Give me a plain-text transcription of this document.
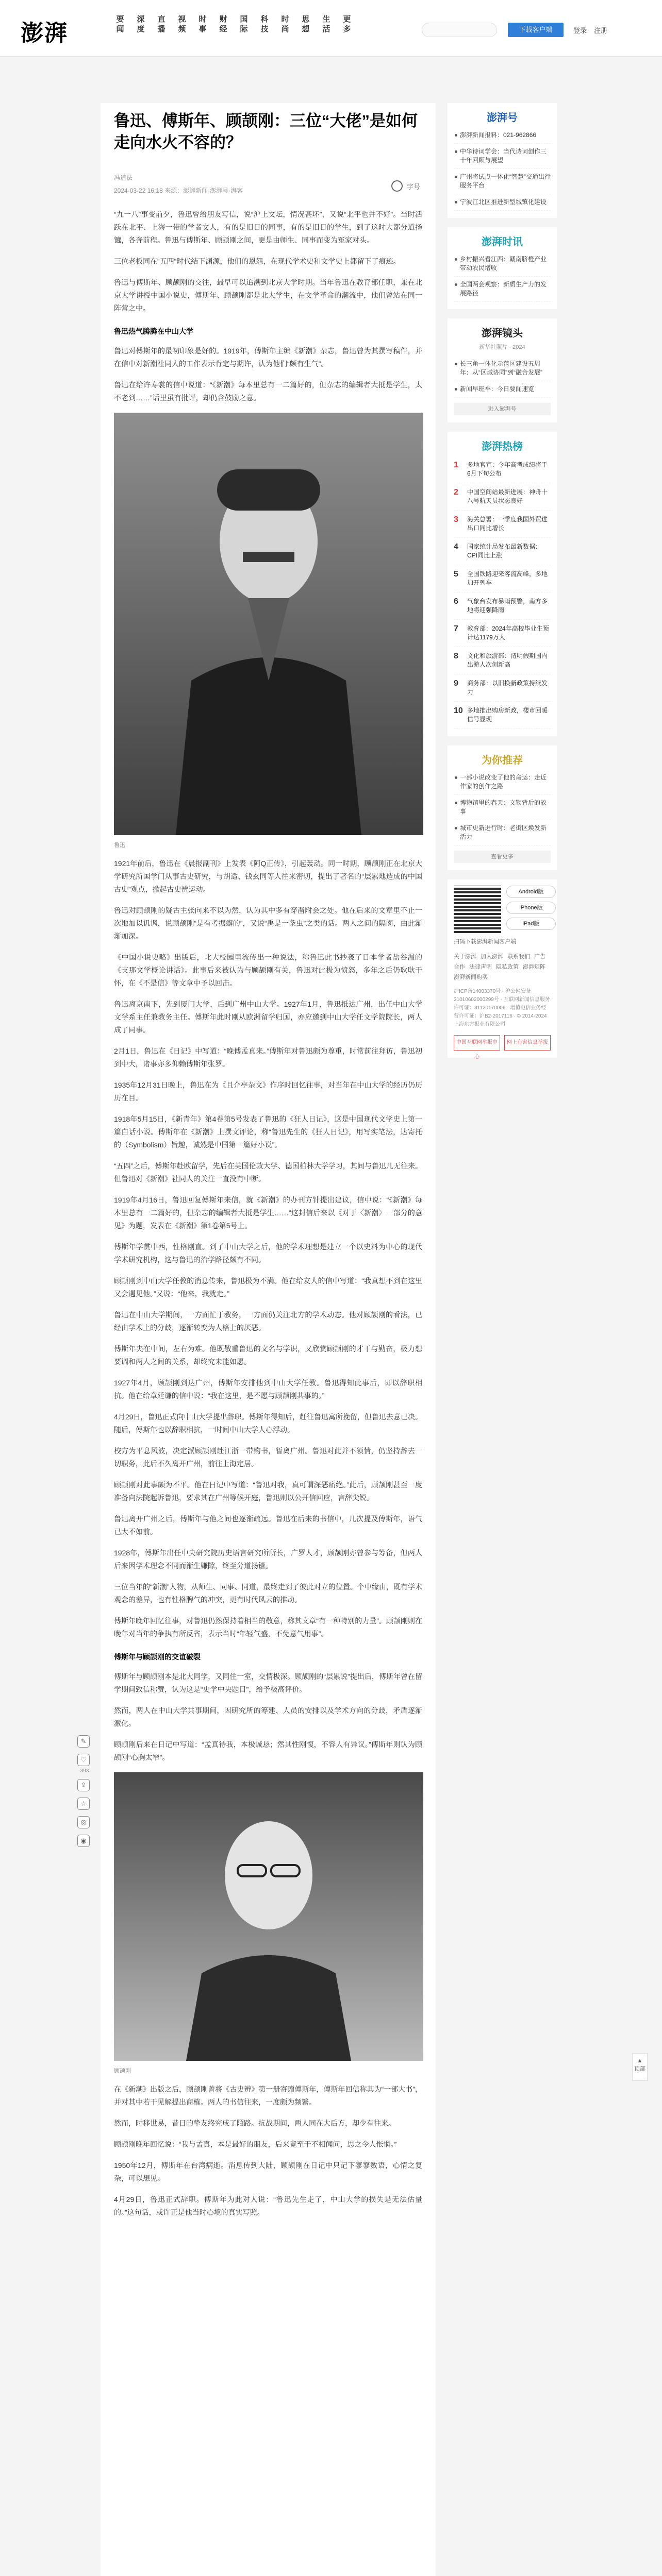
澎湃
要闻
深度
直播
视频
时事
财经
国际
科技
时尚
思想
生活
更多	下载客户端	登录 注册
✎
♡
393
⇪
☆
◎
◉
鲁迅、傅斯年、顾颉刚：三位“大佬”是如何走向水火不容的？
冯道法
2024-03-22 16:18 来源：澎湃新闻·澎湃号·湃客
字号

“九一八”事变前夕，鲁迅曾给朋友写信，说“沪上文坛，情况甚坏”，又说“北平也并不好”。当时活跃在北平、上海一带的学者文人，有的是旧日的同事，有的是旧日的学生，到了这时大都分道扬镳，各奔前程。鲁迅与傅斯年、顾颉刚之间，更是由师生、同事而变为冤家对头。

三位老板同在“五四”时代结下渊源，他们的恩怨，在现代学术史和文学史上都留下了痕迹。

鲁迅与傅斯年、顾颉刚的交往，最早可以追溯到北京大学时期。当年鲁迅在教育部任职，兼在北京大学讲授中国小说史，傅斯年、顾颉刚都是北大学生，在文学革命的潮流中，他们曾站在同一阵营之中。

鲁迅热气腾腾在中山大学

鲁迅对傅斯年的最初印象是好的。1919年，傅斯年主编《新潮》杂志，鲁迅曾为其撰写稿件，并在信中对新潮社同人的工作表示肯定与期许，认为他们“颇有生气”。

鲁迅在给许寿裳的信中说道：“《新潮》每本里总有一二篇好的，但杂志的编辑者大抵是学生，太不老到……”话里虽有批评，却仍含鼓励之意。

鲁迅

1921年前后，鲁迅在《晨报副刊》上发表《阿Q正传》，引起轰动。同一时期，顾颉刚正在北京大学研究所国学门从事古史研究，与胡适、钱玄同等人往来密切，提出了著名的“层累地造成的中国古史”观点，掀起古史辨运动。

鲁迅对顾颉刚的疑古主张向来不以为然，认为其中多有穿凿附会之处。他在后来的文章里不止一次地加以讥讽，说顾颉刚“是有考据癖的”，又说“禹是一条虫”之类的话。两人之间的隔阂，由此渐渐加深。

《中国小说史略》出版后，北大校园里流传出一种说法，称鲁迅此书抄袭了日本学者盐谷温的《支那文学概论讲话》。此事后来被认为与顾颉刚有关，鲁迅对此极为愤怒，多年之后仍耿耿于怀，在《不是信》等文章中予以回击。

鲁迅离京南下，先到厦门大学，后到广州中山大学。1927年1月，鲁迅抵达广州，出任中山大学文学系主任兼教务主任。傅斯年此时刚从欧洲留学归国，亦应邀到中山大学任文学院院长，两人成了同事。

2月1日，鲁迅在《日记》中写道：“晚傅孟真来。”傅斯年对鲁迅颇为尊重，时常前往拜访，鲁迅初到中大，诸事亦多仰赖傅斯年张罗。

1935年12月31日晚上，鲁迅在为《且介亭杂文》作序时回忆往事，对当年在中山大学的经历仍历历在目。

1918年5月15日，《新青年》第4卷第5号发表了鲁迅的《狂人日记》，这是中国现代文学史上第一篇白话小说。傅斯年在《新潮》上撰文评论，称“鲁迅先生的《狂人日记》，用写实笔法，达寄托的（Symbolism）旨趣，诚然是中国第一篇好小说”。

“五四”之后，傅斯年赴欧留学，先后在英国伦敦大学、德国柏林大学学习，其间与鲁迅几无往来。但鲁迅对《新潮》社同人的关注一直没有中断。

1919年4月16日，鲁迅回复傅斯年来信，就《新潮》的办刊方针提出建议，信中说：“《新潮》每本里总有一二篇好的，但杂志的编辑者大抵是学生……”这封信后来以《对于〈新潮〉一部分的意见》为题，发表在《新潮》第1卷第5号上。

傅斯年学贯中西，性格刚直。到了中山大学之后，他的学术理想是建立一个以史料为中心的现代学术研究机构，这与鲁迅的治学路径颇有不同。

顾颉刚到中山大学任教的消息传来，鲁迅极为不满。他在给友人的信中写道：“我真想不到在这里又会遇见他。”又说：“他来，我就走。”

鲁迅在中山大学期间，一方面忙于教务，一方面仍关注北方的学术动态。他对顾颉刚的看法，已经由学术上的分歧，逐渐转变为人格上的厌恶。

傅斯年夹在中间，左右为难。他既敬重鲁迅的文名与学识，又欣赏顾颉刚的才干与勤奋，极力想要调和两人之间的关系，却终究未能如愿。

1927年4月，顾颉刚到达广州，傅斯年安排他到中山大学任教。鲁迅得知此事后，即以辞职相抗。他在给章廷谦的信中说：“我在这里，是不愿与顾颉刚共事的。”

4月29日，鲁迅正式向中山大学提出辞职。傅斯年得知后，赶往鲁迅寓所挽留，但鲁迅去意已决。随后，傅斯年也以辞职相抗，一时间中山大学人心浮动。

校方为平息风波，决定派顾颉刚赴江浙一带购书，暂离广州。鲁迅对此并不领情，仍坚持辞去一切职务，此后不久离开广州，前往上海定居。

顾颉刚对此事颇为不平。他在日记中写道：“鲁迅对我，真可谓深恶痛绝。”此后，顾颉刚甚至一度准备向法院起诉鲁迅，要求其在广州等候开庭，鲁迅则以公开信回应，言辞尖锐。

鲁迅离开广州之后，傅斯年与他之间也逐渐疏远。鲁迅在后来的书信中，几次提及傅斯年，语气已大不如前。

1928年，傅斯年出任中央研究院历史语言研究所所长，广罗人才，顾颉刚亦曾参与筹备，但两人后来因学术理念不同而渐生嫌隙，终至分道扬镳。

三位当年的“新潮”人物，从师生、同事、同道，最终走到了彼此对立的位置。个中缘由，既有学术观念的差异，也有性格脾气的冲突，更有时代风云的推动。

傅斯年晚年回忆往事，对鲁迅仍然保持着相当的敬意，称其文章“有一种特别的力量”。顾颉刚则在晚年对当年的争执有所反省，表示当时“年轻气盛，不免意气用事”。

傅斯年与顾颉刚的交谊破裂

傅斯年与顾颉刚本是北大同学，又同住一室，交情极深。顾颉刚的“层累说”提出后，傅斯年曾在留学期间致信称赞，认为这是“史学中央题目”，给予极高评价。

然而，两人在中山大学共事期间，因研究所的筹建、人员的安排以及学术方向的分歧，矛盾逐渐激化。

顾颉刚后来在日记中写道：“孟真待我，本极诚恳；然其性刚愎，不容人有异议。”傅斯年则认为顾颉刚“心胸太窄”。

顾颉刚

在《新潮》出版之后，顾颉刚曾将《古史辨》第一册寄赠傅斯年，傅斯年回信称其为“一部大书”，并对其中若干见解提出商榷。两人的书信往来，一度颇为频繁。

然而，时移世易，昔日的挚友终究成了陌路。抗战期间，两人同在大后方，却少有往来。

顾颉刚晚年回忆说：“我与孟真，本是最好的朋友，后来竟至于不相闻问，思之令人怅惘。”

1950年12月，傅斯年在台湾病逝。消息传到大陆，顾颉刚在日记中只记下寥寥数语，心情之复杂，可以想见。

4月29日，鲁迅正式辞职。傅斯年为此对人说：“鲁迅先生走了，中山大学的损失是无法估量的。”这句话，或许正是他当时心境的真实写照。

澎湃号
澎湃新闻报料：021-962866
中华诗词学会：当代诗词创作三十年回顾与展望
广州将试点一体化“智慧”交通出行服务平台
宁波江北区推进新型城镇化建设
澎湃时讯
乡村振兴看江西：赣南脐橙产业带动农民增收
全国两会观察：新质生产力的发展路径
澎湃镜头
新华社照片 · 2024
长三角一体化示范区建设五周年：从“区域协同”到“融合发展”
新闻早班车：今日要闻速览
进入澎湃号
澎湃热榜
1	多地官宣：今年高考成绩将于6月下旬公布
2	中国空间站最新进展：神舟十八号航天员状态良好
3	海关总署：一季度我国外贸进出口同比增长
4	国家统计局发布最新数据：CPI同比上涨
5	全国铁路迎来客流高峰，多地加开列车
6	气象台发布暴雨预警，南方多地将迎强降雨
7	教育部：2024年高校毕业生预计达1179万人
8	文化和旅游部：清明假期国内出游人次创新高
9	商务部：以旧换新政策持续发力
10 多地推出购房新政，楼市回暖信号显现
为你推荐
一部小说改变了他的命运：走近作家的创作之路
博物馆里的春天：文物背后的故事
城市更新进行时：老街区焕发新活力
查看更多
Android版
iPhone版
iPad版
扫码下载澎湃新闻客户端
关于澎湃 加入澎湃 联系我们 广告合作 法律声明 隐私政策 澎湃矩阵澎湃新闻购买
沪ICP备14003370号 · 沪公网安备31010602000299号 · 互联网新闻信息服务许可证：31120170006 · 增值电信业务经营许可证：沪B2-2017116 · © 2014-2024 上海东方报业有限公司
中国互联网举报中心
网上有害信息举报
▲
顶部
